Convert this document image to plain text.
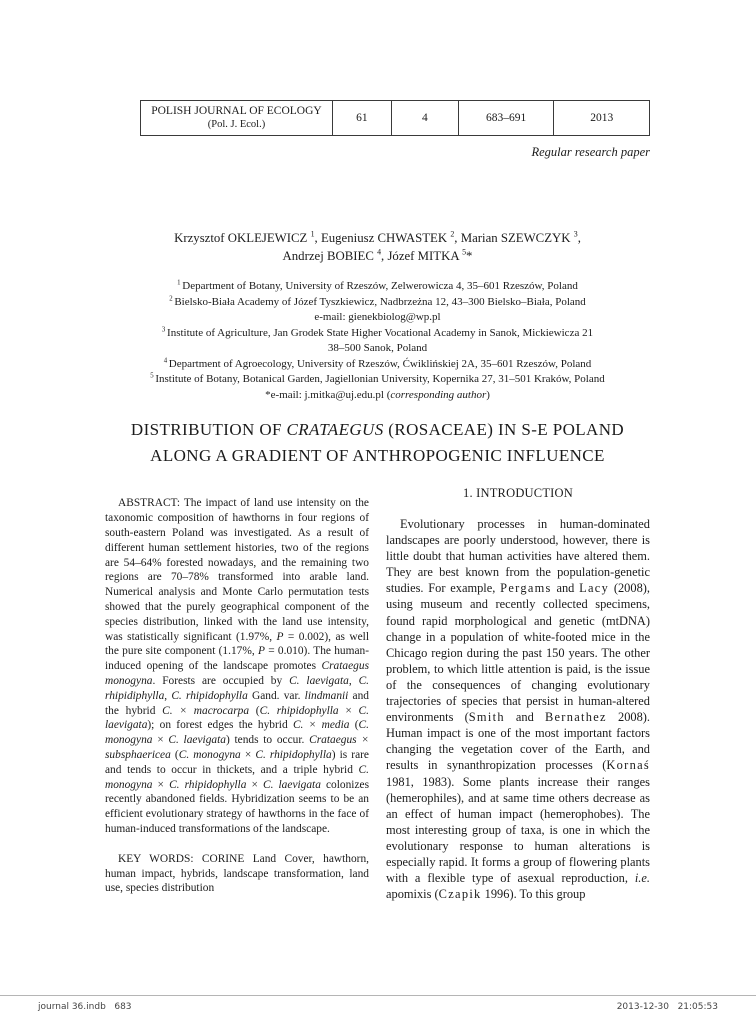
POLISH JOURNAL OF ECOLOGY
(Pol. J. Ecol.)
	61	4	683–691	2013
Regular research paper
Krzysztof OKLEJEWICZ $^1$, Eugeniusz CHWASTEK $^2$, Marian SZEWCZYK $^3$,
Andrzej BOBIEC $^4$, Józef MITKA $^5$*
$^1$ Department of Botany, University of Rzeszów, Zelwerowicza 4, 35–601 Rzeszów, Poland
$^2$ Bielsko-Biała Academy of Józef Tyszkiewicz, Nadbrzeżna 12, 43–300 Bielsko–Biała, Poland
e-mail: gienekbiolog@wp.pl
$^3$ Institute of Agriculture, Jan Grodek State Higher Vocational Academy in Sanok, Mickiewicza 21
38–500 Sanok, Poland
$^4$ Department of Agroecology, University of Rzeszów, Ćwiklińskiej 2A, 35–601 Rzeszów, Poland
$^5$ Institute of Botany, Botanical Garden, Jagiellonian University, Kopernika 27, 31–501 Kraków, Poland
*e-mail: j.mitka@uj.edu.pl (corresponding author)
DISTRIBUTION OF CRATAEGUS (ROSACEAE) IN S-E POLAND ALONG A GRADIENT OF ANTHROPOGENIC INFLUENCE

ABSTRACT: The impact of land use intensity on the taxonomic composition of hawthorns in four regions of south-eastern Poland was investigated. As a result of different human settlement histories, two of the regions are 54–64% forested nowadays, and the remaining two regions are 70–78% transformed into arable land. Numerical analysis and Monte Carlo permutation tests showed that the purely geographical component of the species distribution, linked with the land use intensity, was statistically significant (1.97%, P = 0.002), as well the pure site component (1.17%, P = 0.010). The human-induced opening of the landscape promotes Crataegus monogyna. Forests are occupied by C. laevigata, C. rhipidiphylla, C. rhipidophylla Gand. var. lindmanii and the hybrid C. × macrocarpa (C. rhipidophylla × C. laevigata); on forest edges the hybrid C. × media (C. monogyna × C. laevigata) tends to occur. Crataegus × subsphaericea (C. monogyna × C. rhipidophylla) is rare and tends to occur in thickets, and a triple hybrid C. monogyna × C. rhipidophylla × C. laevigata colonizes recently abandoned fields. Hybridization seems to be an efficient evolutionary strategy of hawthorns in the face of human-induced transformations of the landscape.

KEY WORDS: CORINE Land Cover, hawthorn, human impact, hybrids, landscape transformation, land use, species distribution

1. INTRODUCTION

Evolutionary processes in human-dominated landscapes are poorly understood, however, there is little doubt that human activities have altered them. They are best known from the population-genetic studies. For example, Pergams and Lacy (2008), using museum and recently collected specimens, found rapid morphological and genetic (mtDNA) change in a population of white-footed mice in the Chicago region during the past 150 years. The other problem, to which little attention is paid, is the issue of the consequences of changing evolutionary trajectories of species that persist in human-altered environments (Smith and Bernathez 2008). Human impact is one of the most important factors changing the vegetation cover of the Earth, and results in synanthropization processes (Kornaś 1981, 1983). Some plants increase their ranges (hemerophiles), and at same time others decrease as an effect of human impact (hemerophobes). The most interesting group of taxa, is one in which the evolutionary response to human alterations is especially rapid. It forms a group of flowering plants with a flexible type of asexual reproduction, i.e. apomixis (Czapik 1996). To this group

journal 36.indb   683	2013-12-30   21:05:53
